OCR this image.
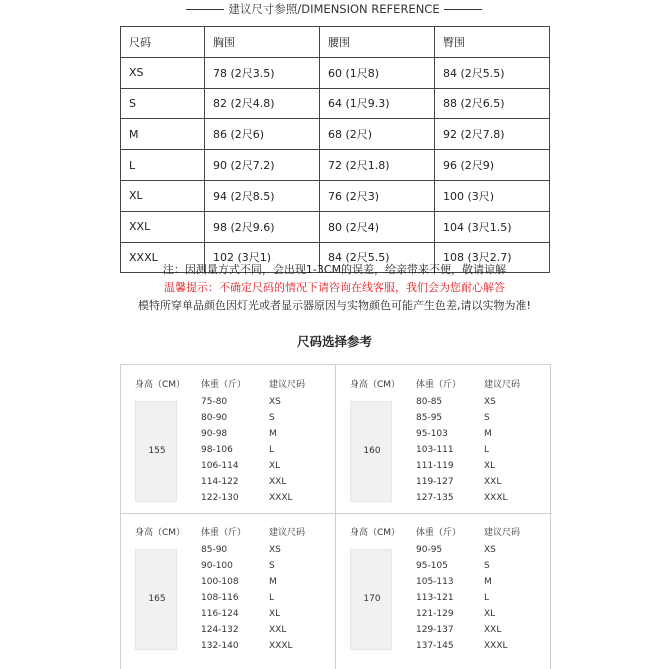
建议尺寸参照/DIMENSION REFERENCE
尺码	胸围	腰围	臀围
XS	78 (2尺3.5)	60 (1尺8)	84 (2尺5.5)
S	82 (2尺4.8)	64 (1尺9.3)	88 (2尺6.5)
M	86 (2尺6)	68 (2尺)	92 (2尺7.8)
L	90 (2尺7.2)	72 (2尺1.8)	96 (2尺9)
XL	94 (2尺8.5)	76 (2尺3)	100 (3尺)
XXL	98 (2尺9.6)	80 (2尺4)	104 (3尺1.5)
XXXL	102 (3尺1)	84 (2尺5.5)	108 (3尺2.7)
注：因测量方式不同，会出现1-3CM的误差，给亲带来不便，敬请谅解
温馨提示：不确定尺码的情况下请咨询在线客服，我们会为您耐心解答
模特所穿单品颜色因灯光或者显示器原因与实物颜色可能产生色差,请以实物为准!
尺码选择参考
身高（CM） 体重（斤）	建议尺码
155
75-80	XS
80-90	S
90-98	M
98-106	L
106-114	XL
114-122	XXL
122-130	XXXL
身高（CM） 体重（斤）	建议尺码
160
80-85	XS
85-95	S
95-103	M
103-111	L
111-119	XL
119-127	XXL
127-135	XXXL
身高（CM） 体重（斤）	建议尺码
165
85-90	XS
90-100	S
100-108	M
108-116	L
116-124	XL
124-132	XXL
132-140	XXXL
身高（CM） 体重（斤）	建议尺码
170
90-95	XS
95-105	S
105-113	M
113-121	L
121-129	XL
129-137	XXL
137-145	XXXL
